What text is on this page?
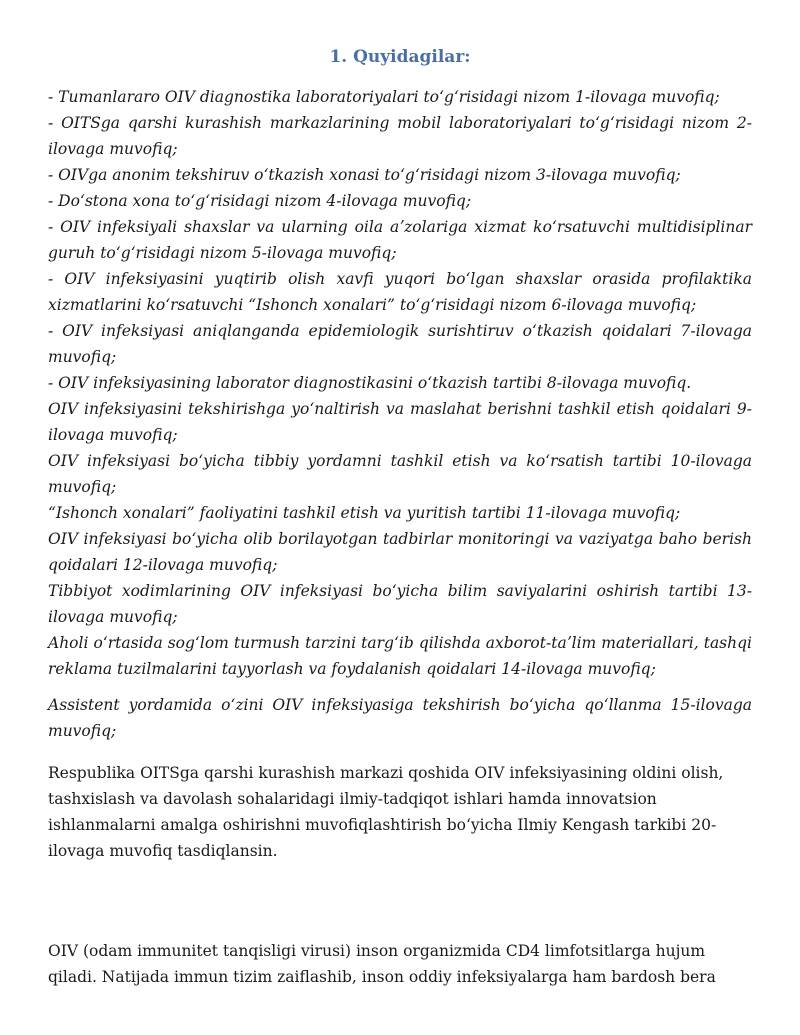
1. Quyidagilar:
- Tumanlararo OIV diagnostika laboratoriyalari toʻgʻrisidagi nizom 1-ilovaga muvofiq;
- OITSga qarshi kurashish markazlarining mobil laboratoriyalari toʻgʻrisidagi nizom 2-ilovaga muvofiq;
- OIVga anonim tekshiruv oʻtkazish xonasi toʻgʻrisidagi nizom 3-ilovaga muvofiq;
- Doʻstona xona toʻgʻrisidagi nizom 4-ilovaga muvofiq;
- OIV infeksiyali shaxslar va ularning oila aʼzolariga xizmat koʻrsatuvchi multidisiplinar guruh toʻgʻrisidagi nizom 5-ilovaga muvofiq;
- OIV infeksiyasini yuqtirib olish xavfi yuqori boʻlgan shaxslar orasida profilaktika xizmatlarini koʻrsatuvchi “Ishonch xonalari” toʻgʻrisidagi nizom 6-ilovaga muvofiq;
- OIV infeksiyasi aniqlanganda epidemiologik surishtiruv oʻtkazish qoidalari 7-ilovaga muvofiq;
- OIV infeksiyasining laborator diagnostikasini oʻtkazish tartibi 8-ilovaga muvofiq.
OIV infeksiyasini tekshirishga yoʻnaltirish va maslahat berishni tashkil etish qoidalari 9-ilovaga muvofiq;
OIV infeksiyasi boʻyicha tibbiy yordamni tashkil etish va koʻrsatish tartibi 10-ilovaga muvofiq;
“Ishonch xonalari” faoliyatini tashkil etish va yuritish tartibi 11-ilovaga muvofiq;
OIV infeksiyasi boʻyicha olib borilayotgan tadbirlar monitoringi va vaziyatga baho berish qoidalari 12-ilovaga muvofiq;
Tibbiyot xodimlarining OIV infeksiyasi boʻyicha bilim saviyalarini oshirish tartibi 13-ilovaga muvofiq;
Aholi oʻrtasida sogʻlom turmush tarzini targʻib qilishda axborot-taʼlim materiallari, tashqi reklama tuzilmalarini tayyorlash va foydalanish qoidalari 14-ilovaga muvofiq;
Assistent yordamida oʻzini OIV infeksiyasiga tekshirish boʻyicha qoʻllanma 15-ilovaga muvofiq;

Respublika OITSga qarshi kurashish markazi qoshida OIV infeksiyasining oldini olish, tashxislash va davolash sohalaridagi ilmiy-tadqiqot ishlari hamda innovatsion ishlanmalarni amalga oshirishni muvofiqlashtirish boʻyicha Ilmiy Kengash tarkibi 20-ilovaga muvofiq tasdiqlansin.

OIV (odam immunitet tanqisligi virusi) inson organizmida CD4 limfotsitlarga hujum qiladi. Natijada immun tizim zaiflashib, inson oddiy infeksiyalarga ham bardosh bera
